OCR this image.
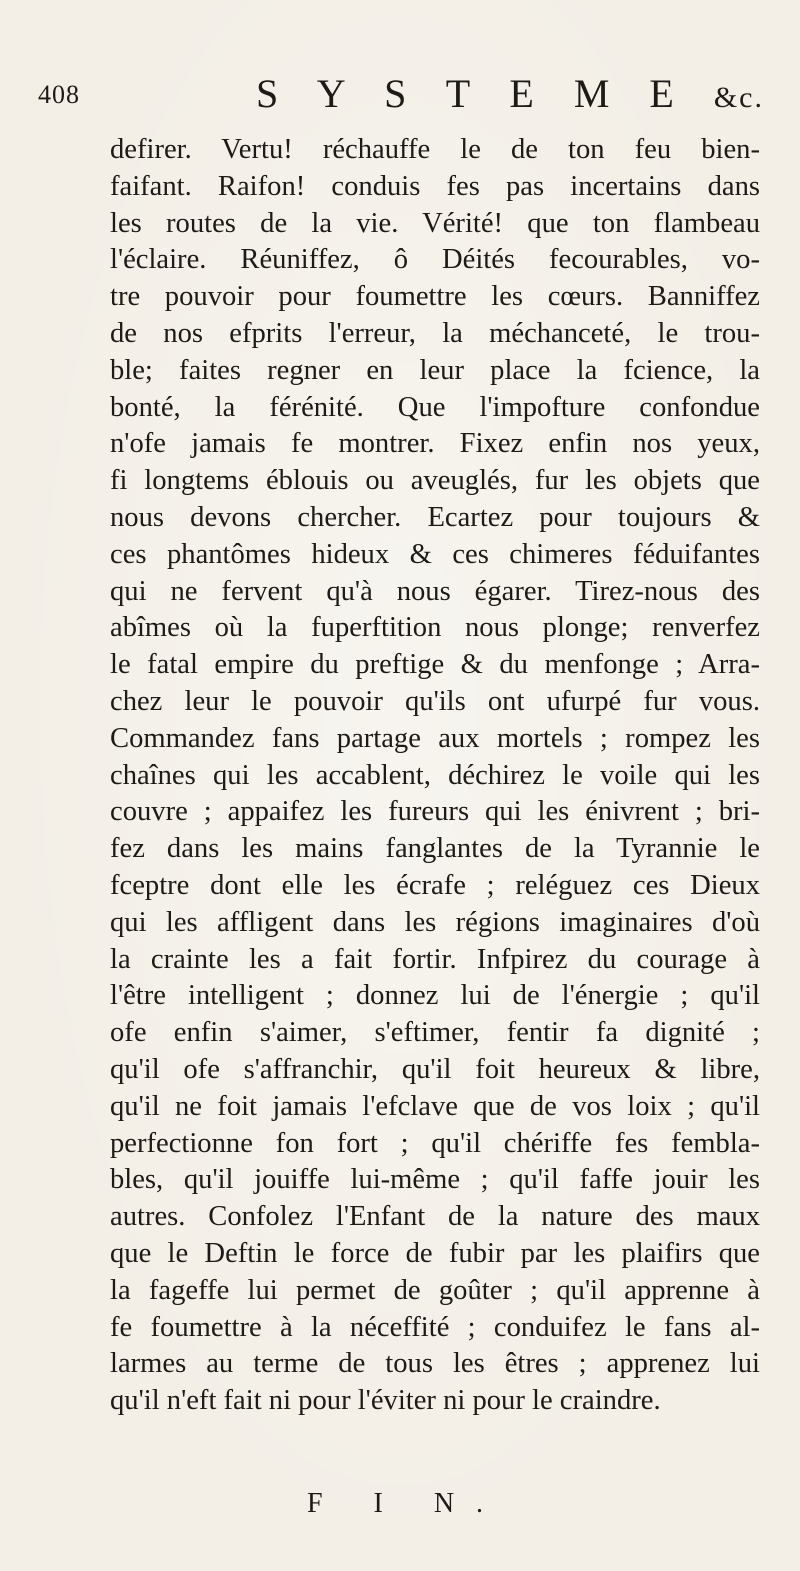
408	S Y S T E M E &c.
defirer. Vertu! réchauffe le de ton feu bien-
faifant. Raifon! conduis fes pas incertains dans
les routes de la vie. Vérité! que ton flambeau
l'éclaire. Réuniffez, ô Déités fecourables, vo-
tre pouvoir pour foumettre les cœurs. Banniffez
de nos efprits l'erreur, la méchanceté, le trou-
ble; faites regner en leur place la fcience, la
bonté, la férénité. Que l'impofture confondue
n'ofe jamais fe montrer. Fixez enfin nos yeux,
fi longtems éblouis ou aveuglés, fur les objets que
nous devons chercher. Ecartez pour toujours &
ces phantômes hideux & ces chimeres féduifantes
qui ne fervent qu'à nous égarer. Tirez-nous des
abîmes où la fuperftition nous plonge; renverfez
le fatal empire du preftige & du menfonge ; Arra-
chez leur le pouvoir qu'ils ont ufurpé fur vous.
Commandez fans partage aux mortels ; rompez les
chaînes qui les accablent, déchirez le voile qui les
couvre ; appaifez les fureurs qui les énivrent ; bri-
fez dans les mains fanglantes de la Tyrannie le
fceptre dont elle les écrafe ; reléguez ces Dieux
qui les affligent dans les régions imaginaires d'où
la crainte les a fait fortir. Infpirez du courage à
l'être intelligent ; donnez lui de l'énergie ; qu'il
ofe enfin s'aimer, s'eftimer, fentir fa dignité ;
qu'il ofe s'affranchir, qu'il foit heureux & libre,
qu'il ne foit jamais l'efclave que de vos loix ; qu'il
perfectionne fon fort ; qu'il chériffe fes fembla-
bles, qu'il jouiffe lui-même ; qu'il faffe jouir les
autres. Confolez l'Enfant de la nature des maux
que le Deftin le force de fubir par les plaifirs que
la fageffe lui permet de goûter ; qu'il apprenne à
fe foumettre à la néceffité ; conduifez le fans al-
larmes au terme de tous les êtres ; apprenez lui
qu'il n'eft fait ni pour l'éviter ni pour le craindre.
F I N.
